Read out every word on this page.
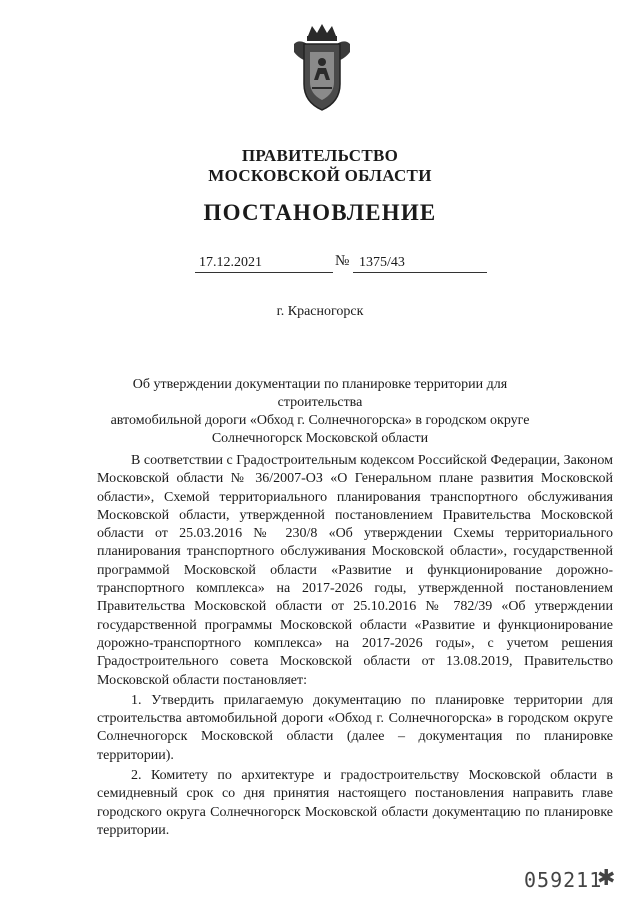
ПРАВИТЕЛЬСТВО
МОСКОВСКОЙ ОБЛАСТИ
ПОСТАНОВЛЕНИЕ
17.12.2021	№ 1375/43
г. Красногорск
Об утверждении документации по планировке территории для строительства
автомобильной дороги «Обход г. Солнечногорска» в городском округе
Солнечногорск Московской области

В соответствии с Градостроительным кодексом Российской Федерации, Законом Московской области № 36/2007-ОЗ «О Генеральном плане развития Московской области», Схемой территориального планирования транспортного обслуживания Московской области, утвержденной постановлением Правительства Московской области от 25.03.2016 № 230/8 «Об утверждении Схемы территориального планирования транспортного обслуживания Московской области», государственной программой Московской области «Развитие и функционирование дорожно-транспортного комплекса» на 2017-2026 годы, утвержденной постановлением Правительства Московской области от 25.10.2016 № 782/39 «Об утверждении государственной программы Московской области «Развитие и функционирование дорожно-транспортного комплекса» на 2017-2026 годы», с учетом решения Градостроительного совета Московской области от 13.08.2019, Правительство Московской области постановляет:

1. Утвердить прилагаемую документацию по планировке территории для строительства автомобильной дороги «Обход г. Солнечногорска» в городском округе Солнечногорск Московской области (далее – документация по планировке территории).

2. Комитету по архитектуре и градостроительству Московской области в семидневный срок со дня принятия настоящего постановления направить главе городского округа Солнечногорск Московской области документацию по планировке территории.

059211
✱
